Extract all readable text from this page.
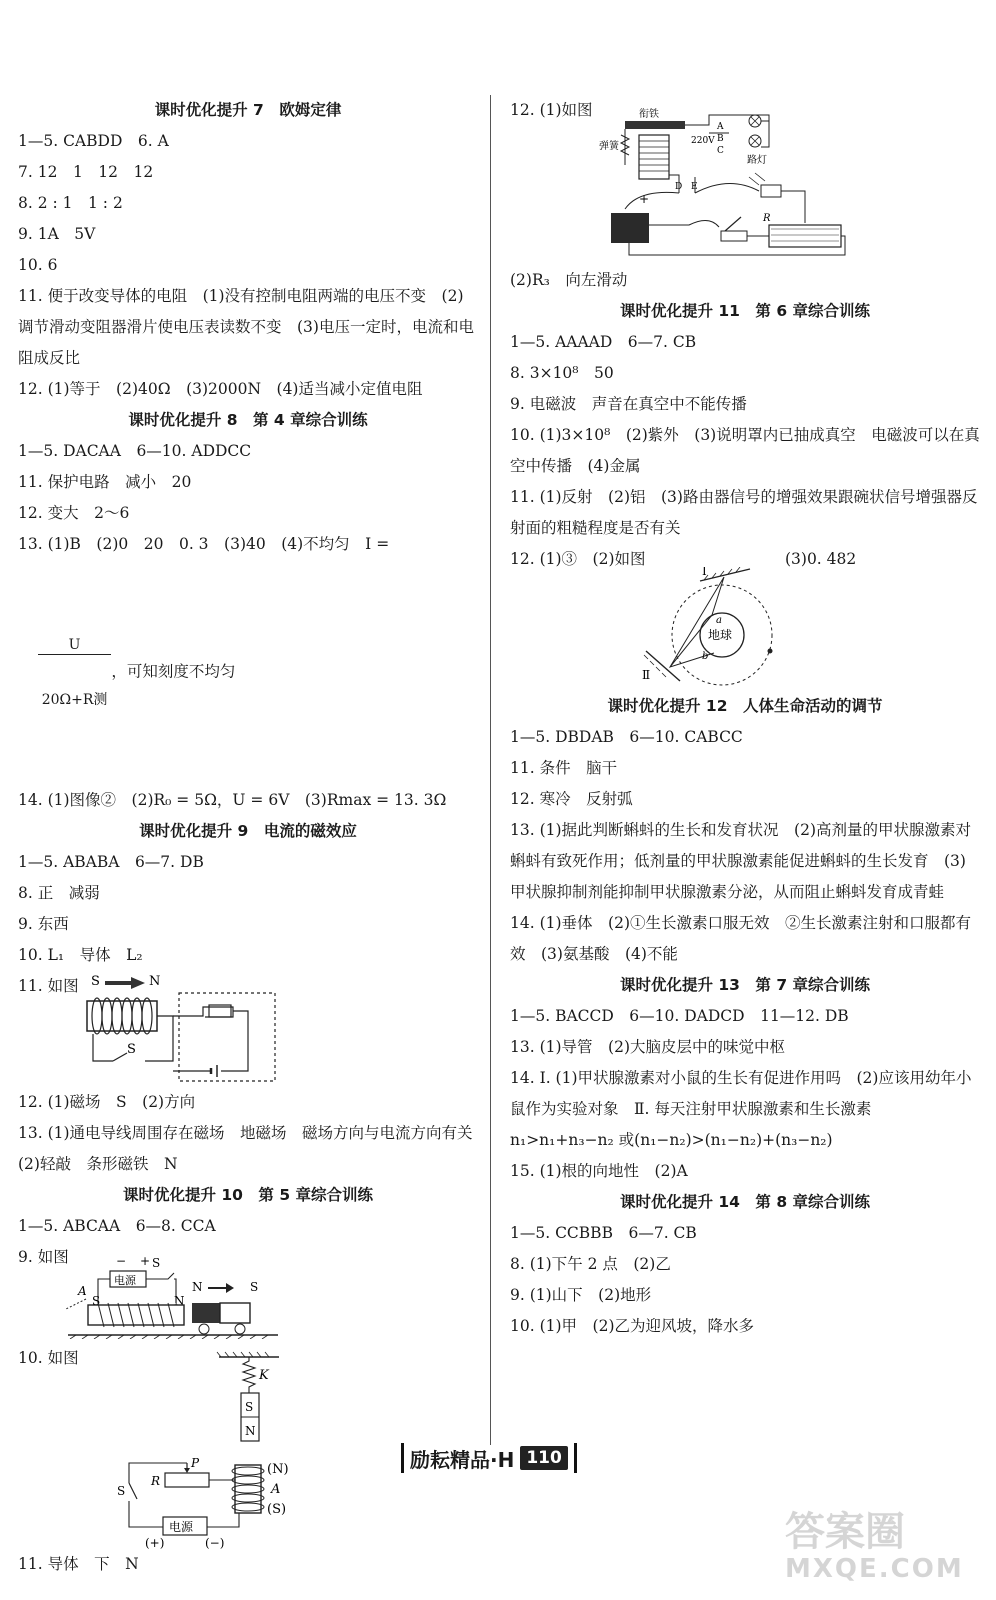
课时优化提升 7　欧姆定律
1—5. CABDD　6. A
7. 12　1　12　12
8. 2 : 1　1 : 2
9. 1A　5V
10. 6
11. 便于改变导体的电阻　(1)没有控制电阻两端的电压不变　(2)调节滑动变阻器滑片使电压表读数不变　(3)电压一定时，电流和电阻成反比
12. (1)等于　(2)40Ω　(3)2000N　(4)适当减小定值电阻
课时优化提升 8　第 4 章综合训练
1—5. DACAA　6—10. ADDCC
11. 保护电路　减小　20
12. 变大　2～6
13. (1)B　(2)0　20　0. 3　(3)40　(4)不均匀　I =

$\frac{U}{\text{20Ω+R测}}$ ，可知刻度不均匀

14. (1)图像②　(2)R₀ = 5Ω，U = 6V　(3)Rmax = 13. 3Ω
课时优化提升 9　电流的磁效应
1—5. ABABA　6—7. DB
8. 正　减弱
9. 东西
10. L₁　导体　L₂
11. 如图 S	N
S
12. (1)磁场　S　(2)方向
13. (1)通电导线周围存在磁场　地磁场　磁场方向与电流方向有关　(2)轻敲　条形磁铁　N
课时优化提升 10　第 5 章综合训练
1—5. ABCAA　6—8. CCA
9. 如图	− + S
电源
A
S	N
N	S
10. 如图
K
S
N
P
R
(N)
A
(S)
S
电源
(+)	(−)
11. 导体　下　N
12. (1)如图	衔铁
弹簧
A
B
220V
C
路灯
D E
+
R
(2)R₃　向左滑动
课时优化提升 11　第 6 章综合训练
1—5. AAAAD　6—7. CB
8. 3×10⁸　50
9. 电磁波　声音在真空中不能传播
10. (1)3×10⁸　(2)紫外　(3)说明罩内已抽成真空　电磁波可以在真空中传播　(4)金属
11. (1)反射　(2)铝　(3)路由器信号的增强效果跟碗状信号增强器反射面的粗糙程度是否有关
12. (1)③　(2)如图　　　　　　　　　(3)0. 482
地球
Ⅰ
Ⅱ
a
b
课时优化提升 12　人体生命活动的调节
1—5. DBDAB　6—10. CABCC
11. 条件　脑干
12. 寒冷　反射弧
13. (1)据此判断蝌蚪的生长和发育状况　(2)高剂量的甲状腺激素对蝌蚪有致死作用；低剂量的甲状腺激素能促进蝌蚪的生长发育　(3)甲状腺抑制剂能抑制甲状腺激素分泌，从而阻止蝌蚪发育成青蛙
14. (1)垂体　(2)①生长激素口服无效　②生长激素注射和口服都有效　(3)氨基酸　(4)不能
课时优化提升 13　第 7 章综合训练
1—5. BACCD　6—10. DADCD　11—12. DB
13. (1)导管　(2)大脑皮层中的味觉中枢
14. Ⅰ. (1)甲状腺激素对小鼠的生长有促进作用吗　(2)应该用幼年小鼠作为实验对象　Ⅱ. 每天注射甲状腺激素和生长激素　n₁>n₁+n₃−n₂ 或(n₁−n₂)>(n₁−n₂)+(n₃−n₂)
15. (1)根的向地性　(2)A
课时优化提升 14　第 8 章综合训练
1—5. CCBBB　6—7. CB
8. (1)下午 2 点　(2)乙
9. (1)山下　(2)地形
10. (1)甲　(2)乙为迎风坡，降水多
励耘精品·H 110
答案圈
MXQE.COM
